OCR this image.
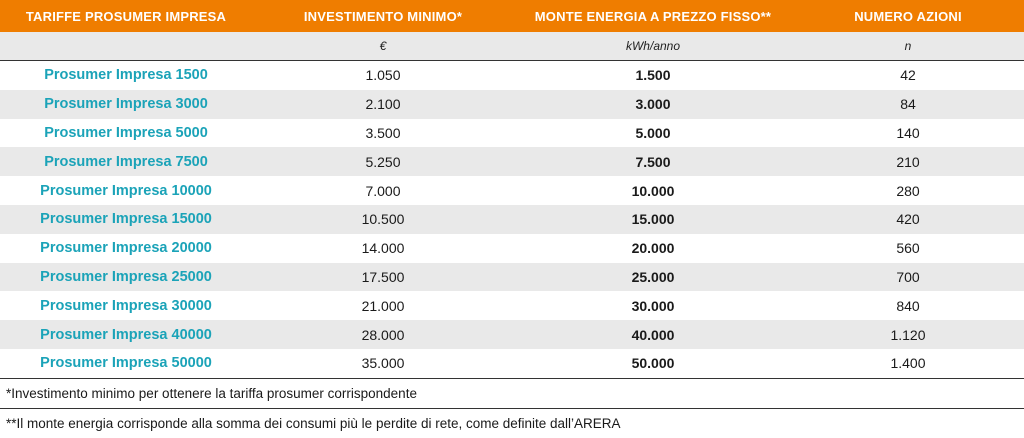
TARIFFE PROSUMER IMPRESA	INVESTIMENTO MINIMO*	MONTE ENERGIA A PREZZO FISSO**	NUMERO AZIONI
	€	kWh/anno	n
Prosumer Impresa 1500	1.050	1.500	42
Prosumer Impresa 3000	2.100	3.000	84
Prosumer Impresa 5000	3.500	5.000	140
Prosumer Impresa 7500	5.250	7.500	210
Prosumer Impresa 10000	7.000	10.000	280
Prosumer Impresa 15000	10.500	15.000	420
Prosumer Impresa 20000	14.000	20.000	560
Prosumer Impresa 25000	17.500	25.000	700
Prosumer Impresa 30000	21.000	30.000	840
Prosumer Impresa 40000	28.000	40.000	1.120
Prosumer Impresa 50000	35.000	50.000	1.400
*Investimento minimo per ottenere la tariffa prosumer corrispondente
**Il monte energia corrisponde alla somma dei consumi più le perdite di rete, come definite dall’ARERA
